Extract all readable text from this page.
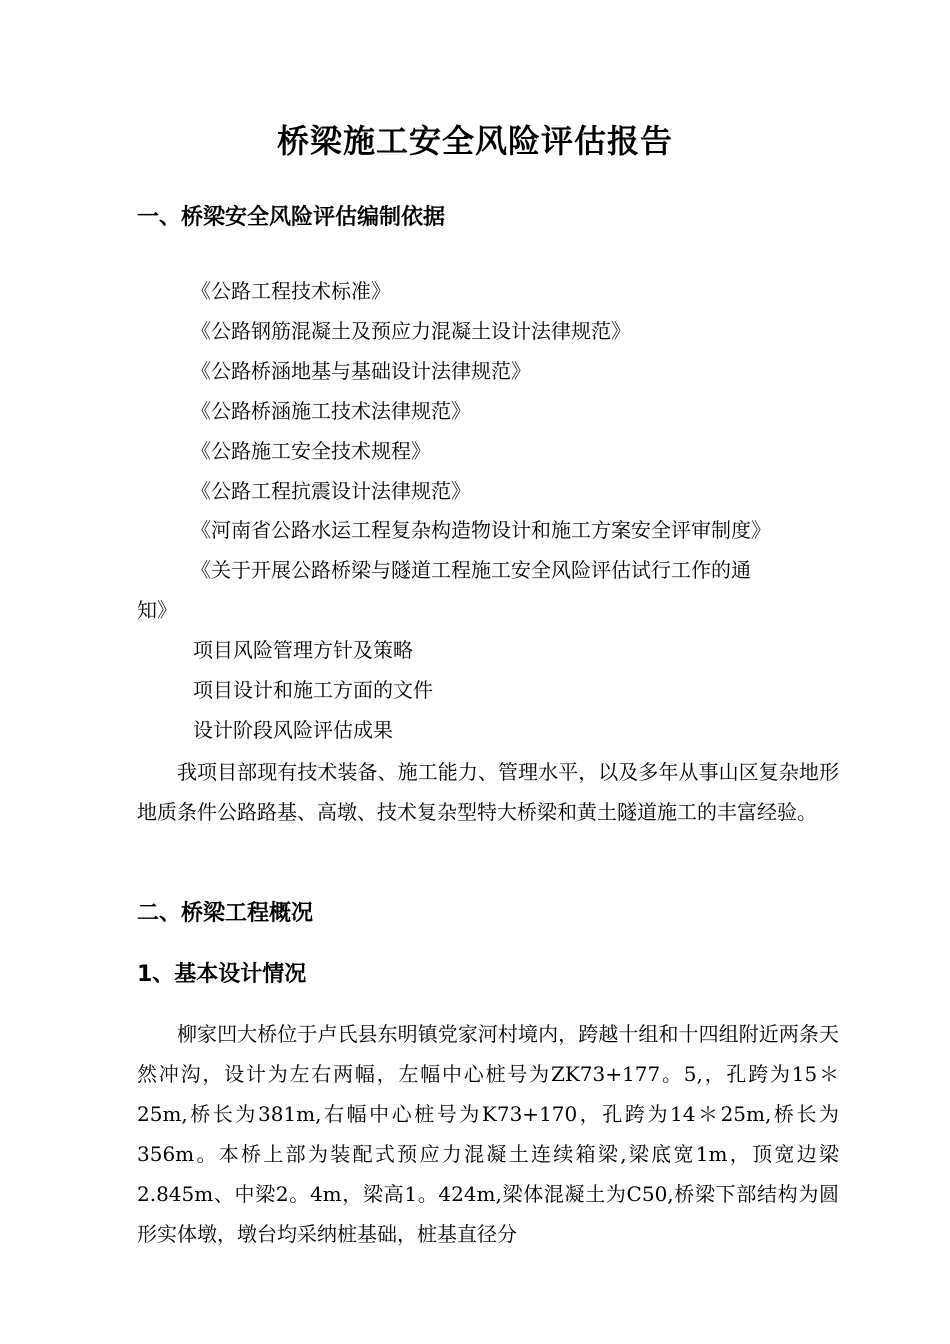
桥梁施工安全风险评估报告
一、桥梁安全风险评估编制依据
《公路工程技术标准》
《公路钢筋混凝土及预应力混凝土设计法律规范》
《公路桥涵地基与基础设计法律规范》
《公路桥涵施工技术法律规范》
《公路施工安全技术规程》
《公路工程抗震设计法律规范》
《河南省公路水运工程复杂构造物设计和施工方案安全评审制度》
《关于开展公路桥梁与隧道工程施工安全风险评估试行工作的通
知》
项目风险管理方针及策略
项目设计和施工方面的文件
设计阶段风险评估成果
我项目部现有技术装备、施工能力、管理水平，以及多年从事山区复杂地形地质条件公路路基、高墩、技术复杂型特大桥梁和黄土隧道施工的丰富经验。
二、桥梁工程概况
1、基本设计情况
柳家凹大桥位于卢氏县东明镇党家河村境内，跨越十组和十四组附近两条天然冲沟，设计为左右两幅，左幅中心桩号为ZK73+177。5,，孔跨为15＊25m,桥长为381m,右幅中心桩号为K73+170，孔跨为14＊25m,桥长为356m。本桥上部为装配式预应力混凝土连续箱梁,梁底宽1m，顶宽边梁2.845m、中梁2。4m，梁高1。424m,梁体混凝土为C50,桥梁下部结构为圆形实体墩，墩台均采纳桩基础，桩基直径分
